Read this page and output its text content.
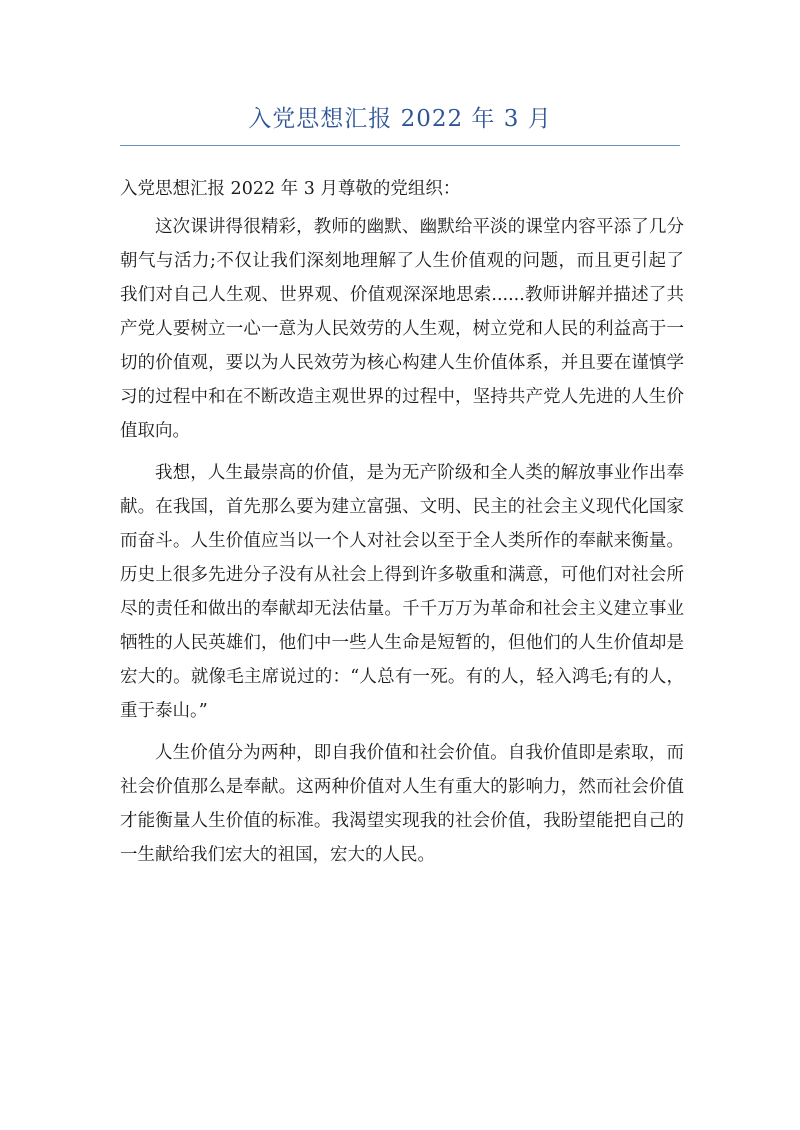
入党思想汇报 2022 年 3 月

入党思想汇报 2022 年 3 月尊敬的党组织：

这次课讲得很精彩，教师的幽默、幽默给平淡的课堂内容平添了几分朝气与活力;不仅让我们深刻地理解了人生价值观的问题，而且更引起了我们对自己人生观、世界观、价值观深深地思索......教师讲解并描述了共产党人要树立一心一意为人民效劳的人生观，树立党和人民的利益高于一切的价值观，要以为人民效劳为核心构建人生价值体系，并且要在谨慎学习的过程中和在不断改造主观世界的过程中，坚持共产党人先进的人生价值取向。

我想，人生最崇高的价值，是为无产阶级和全人类的解放事业作出奉献。在我国，首先那么要为建立富强、文明、民主的社会主义现代化国家而奋斗。人生价值应当以一个人对社会以至于全人类所作的奉献来衡量。历史上很多先进分子没有从社会上得到许多敬重和满意，可他们对社会所尽的责任和做出的奉献却无法估量。千千万万为革命和社会主义建立事业牺牲的人民英雄们，他们中一些人生命是短暂的，但他们的人生价值却是宏大的。就像毛主席说过的：“人总有一死。有的人，轻入鸿毛;有的人，重于泰山。”

人生价值分为两种，即自我价值和社会价值。自我价值即是索取，而社会价值那么是奉献。这两种价值对人生有重大的影响力，然而社会价值才能衡量人生价值的标准。我渴望实现我的社会价值，我盼望能把自己的一生献给我们宏大的祖国，宏大的人民。
